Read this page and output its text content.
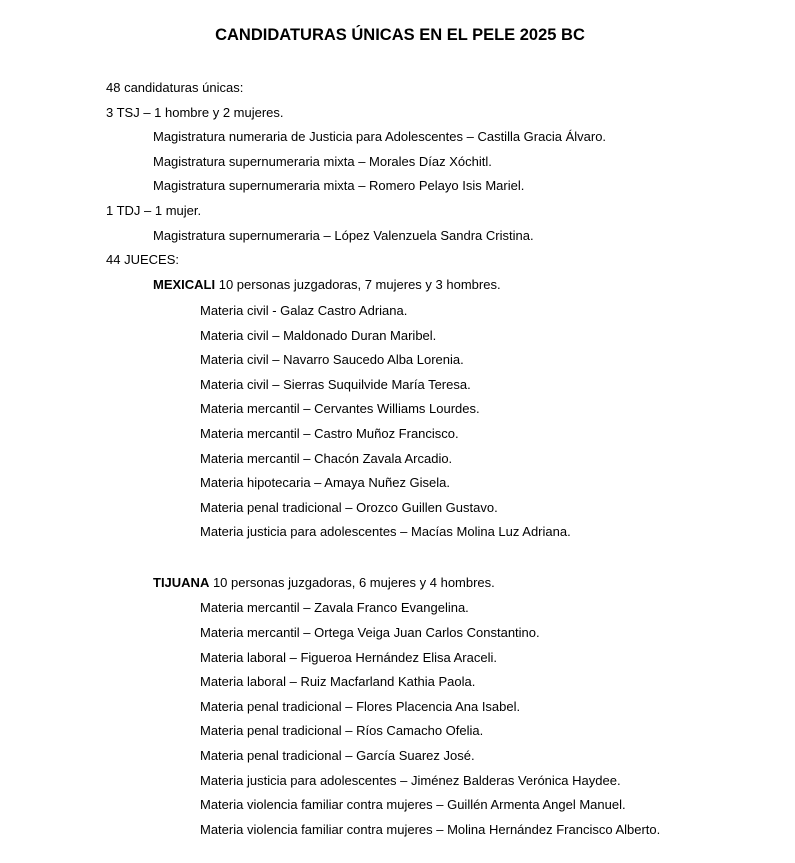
CANDIDATURAS ÚNICAS EN EL PELE 2025 BC
48 candidaturas únicas:
3 TSJ – 1 hombre y 2 mujeres.
Magistratura numeraria de Justicia para Adolescentes – Castilla Gracia Álvaro.
Magistratura supernumeraria mixta – Morales Díaz Xóchitl.
Magistratura supernumeraria mixta – Romero Pelayo Isis Mariel.
1 TDJ – 1 mujer.
Magistratura supernumeraria – López Valenzuela Sandra Cristina.
44 JUECES:
MEXICALI 10 personas juzgadoras, 7 mujeres y 3 hombres.
Materia civil - Galaz Castro Adriana.
Materia civil – Maldonado Duran Maribel.
Materia civil – Navarro Saucedo Alba Lorenia.
Materia civil – Sierras Suquilvide María Teresa.
Materia mercantil – Cervantes Williams Lourdes.
Materia mercantil – Castro Muñoz Francisco.
Materia mercantil – Chacón Zavala Arcadio.
Materia hipotecaria – Amaya Nuñez Gisela.
Materia penal tradicional – Orozco Guillen Gustavo.
Materia justicia para adolescentes – Macías Molina Luz Adriana.
TIJUANA 10 personas juzgadoras, 6 mujeres y 4 hombres.
Materia mercantil – Zavala Franco Evangelina.
Materia mercantil – Ortega Veiga Juan Carlos Constantino.
Materia laboral – Figueroa Hernández Elisa Araceli.
Materia laboral – Ruiz Macfarland Kathia Paola.
Materia penal tradicional – Flores Placencia Ana Isabel.
Materia penal tradicional – Ríos Camacho Ofelia.
Materia penal tradicional – García Suarez José.
Materia justicia para adolescentes – Jiménez Balderas Verónica Haydee.
Materia violencia familiar contra mujeres – Guillén Armenta Angel Manuel.
Materia violencia familiar contra mujeres – Molina Hernández Francisco Alberto.
